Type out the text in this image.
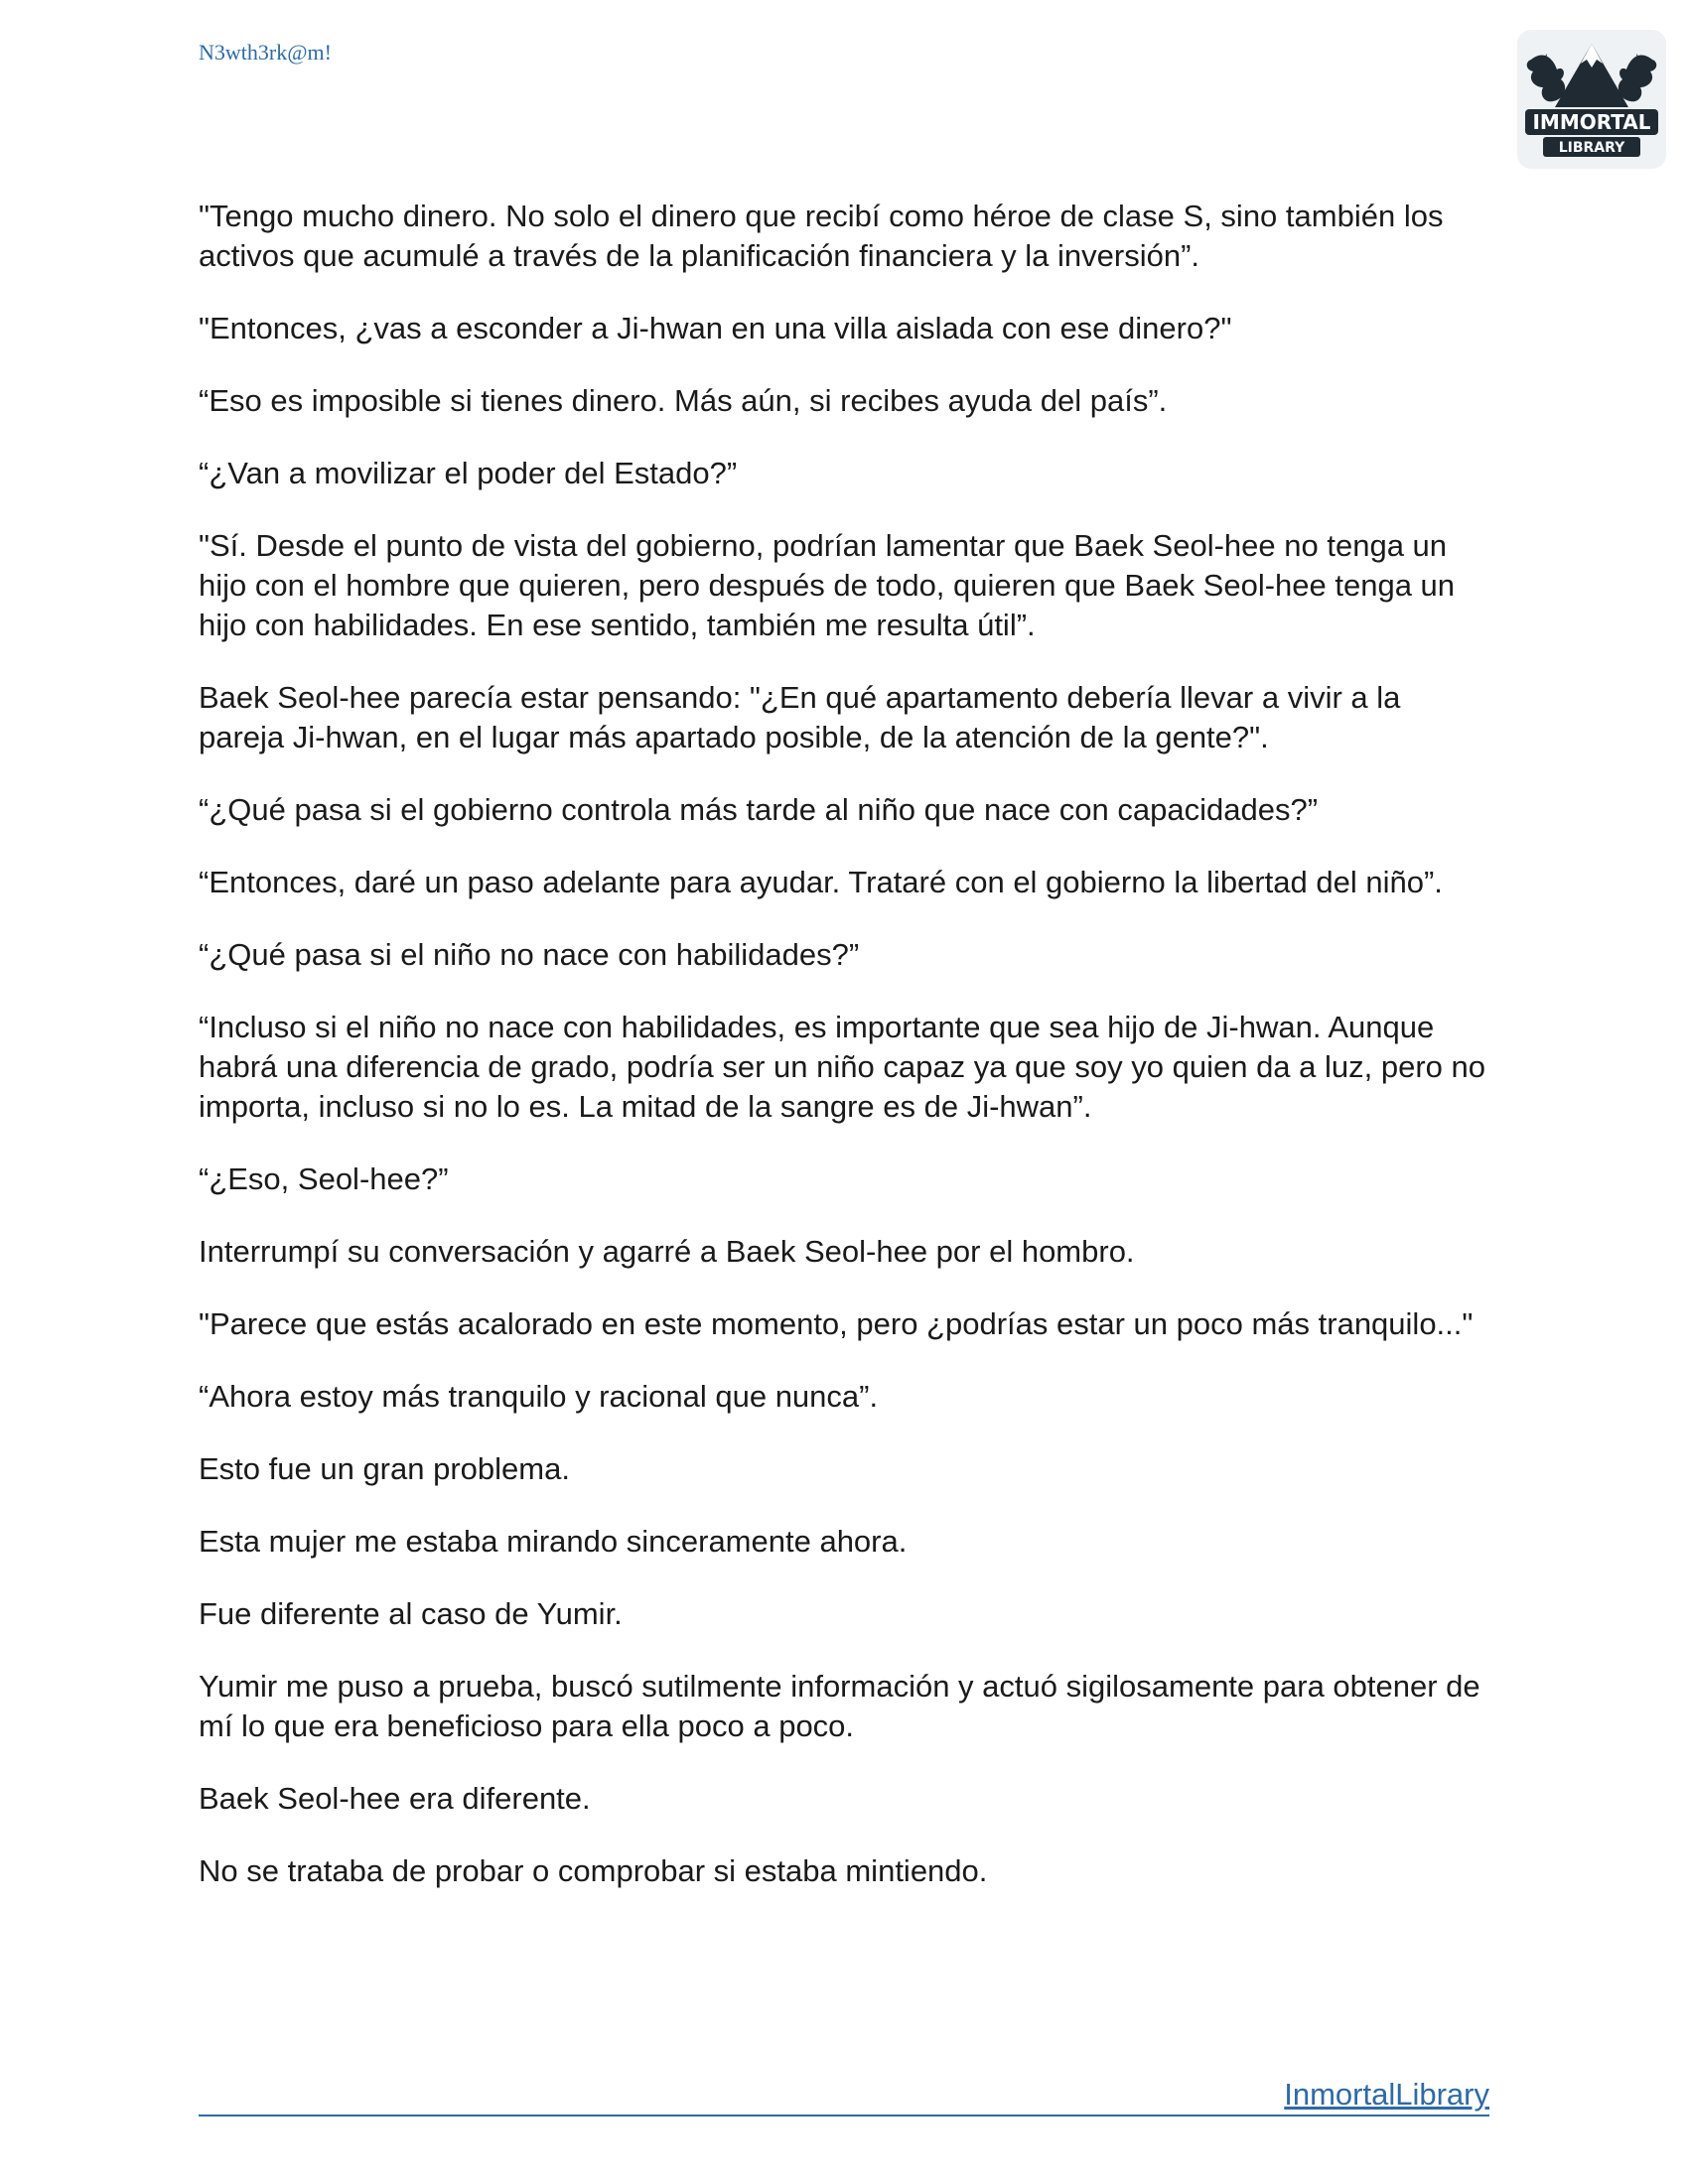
N3wth3rk@m!
IMMORTAL
LIBRARY

"Tengo mucho dinero. No solo el dinero que recibí como héroe de clase S, sino también los activos que acumulé a través de la planificación financiera y la inversión”.

"Entonces, ¿vas a esconder a Ji-hwan en una villa aislada con ese dinero?"

“Eso es imposible si tienes dinero. Más aún, si recibes ayuda del país”.

“¿Van a movilizar el poder del Estado?”

"Sí. Desde el punto de vista del gobierno, podrían lamentar que Baek Seol-hee no tenga un hijo con el hombre que quieren, pero después de todo, quieren que Baek Seol-hee tenga un hijo con habilidades. En ese sentido, también me resulta útil”.

Baek Seol-hee parecía estar pensando: "¿En qué apartamento debería llevar a vivir a la pareja Ji-hwan, en el lugar más apartado posible, de la atención de la gente?".

“¿Qué pasa si el gobierno controla más tarde al niño que nace con capacidades?”

“Entonces, daré un paso adelante para ayudar. Trataré con el gobierno la libertad del niño”.

“¿Qué pasa si el niño no nace con habilidades?”

“Incluso si el niño no nace con habilidades, es importante que sea hijo de Ji-hwan. Aunque habrá una diferencia de grado, podría ser un niño capaz ya que soy yo quien da a luz, pero no importa, incluso si no lo es. La mitad de la sangre es de Ji-hwan”.

“¿Eso, Seol-hee?”

Interrumpí su conversación y agarré a Baek Seol-hee por el hombro.

"Parece que estás acalorado en este momento, pero ¿podrías estar un poco más tranquilo..."

“Ahora estoy más tranquilo y racional que nunca”.

Esto fue un gran problema.

Esta mujer me estaba mirando sinceramente ahora.

Fue diferente al caso de Yumir.

Yumir me puso a prueba, buscó sutilmente información y actuó sigilosamente para obtener de mí lo que era beneficioso para ella poco a poco.

Baek Seol-hee era diferente.

No se trataba de probar o comprobar si estaba mintiendo.

InmortalLibrary
